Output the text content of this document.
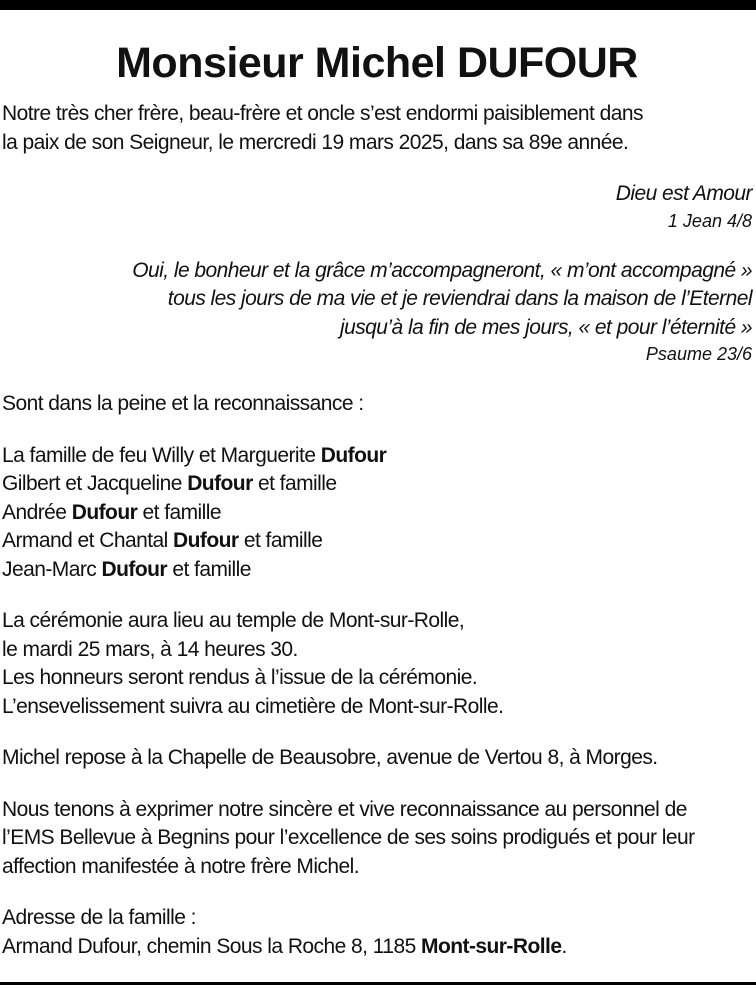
Monsieur Michel DUFOUR
Notre très cher frère, beau-frère et oncle s’est endormi paisiblement dans
la paix de son Seigneur, le mercredi 19 mars 2025, dans sa 89e année.
Dieu est Amour
1 Jean 4/8
Oui, le bonheur et la grâce m’accompagneront, « m’ont accompagné »
tous les jours de ma vie et je reviendrai dans la maison de l’Eternel
jusqu’à la fin de mes jours, « et pour l’éternité »
Psaume 23/6
Sont dans la peine et la reconnaissance :
La famille de feu Willy et Marguerite Dufour
Gilbert et Jacqueline Dufour et famille
Andrée Dufour et famille
Armand et Chantal Dufour et famille
Jean-Marc Dufour et famille
La cérémonie aura lieu au temple de Mont-sur-Rolle,
le mardi 25 mars, à 14 heures 30.
Les honneurs seront rendus à l’issue de la cérémonie.
L’ensevelissement suivra au cimetière de Mont-sur-Rolle.
Michel repose à la Chapelle de Beausobre, avenue de Vertou 8, à Morges.
Nous tenons à exprimer notre sincère et vive reconnaissance au personnel de
l’EMS Bellevue à Begnins pour l’excellence de ses soins prodigués et pour leur
affection manifestée à notre frère Michel.
Adresse de la famille :
Armand Dufour, chemin Sous la Roche 8, 1185 Mont-sur-Rolle.
